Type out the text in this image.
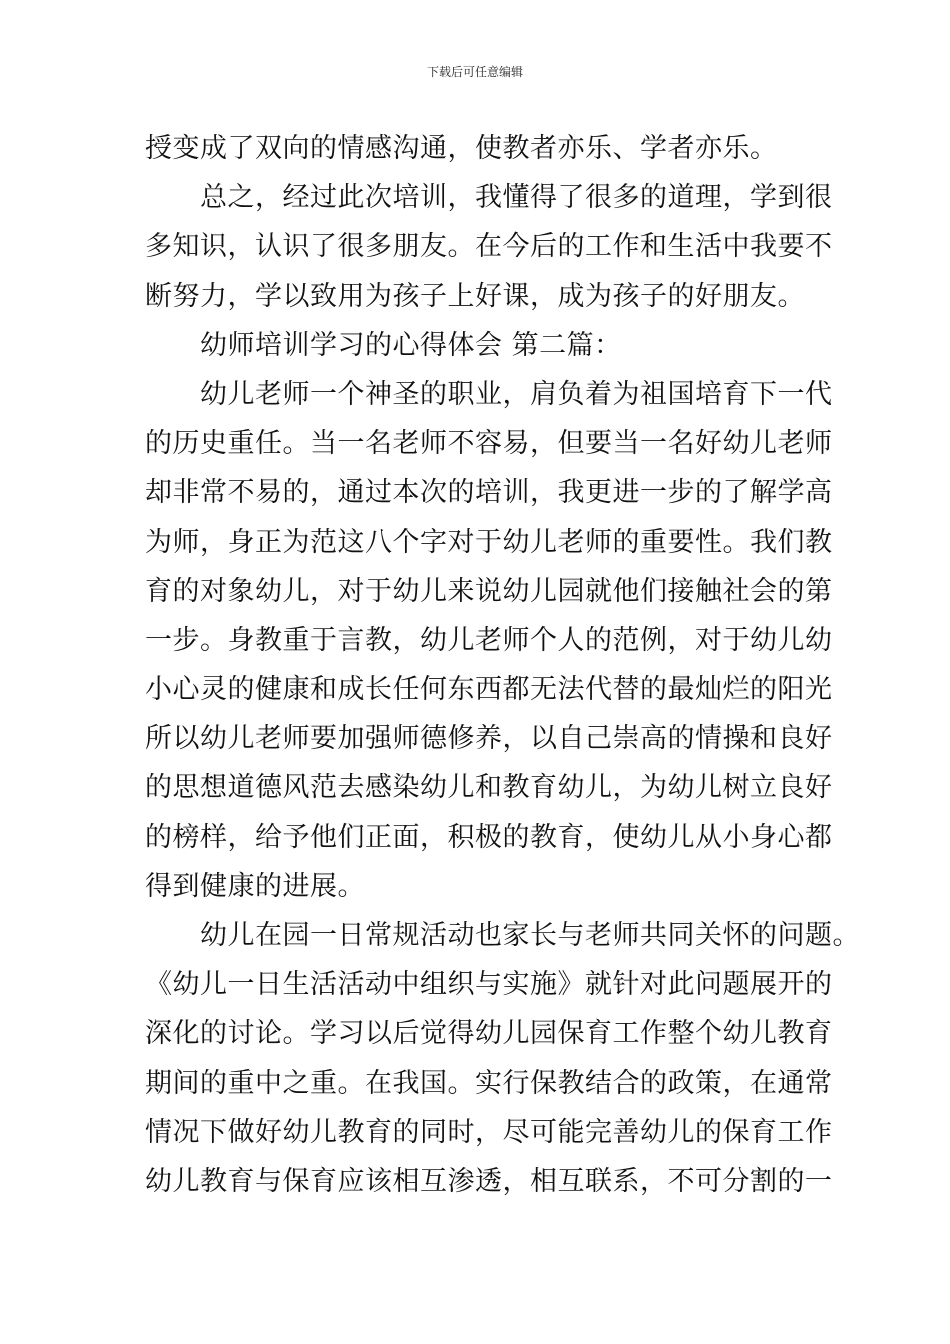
下载后可任意编辑
授变成了双向的情感沟通，使教者亦乐、学者亦乐。
总之，经过此次培训，我懂得了很多的道理，学到很
多知识，认识了很多朋友。在今后的工作和生活中我要不
断努力，学以致用为孩子上好课，成为孩子的好朋友。
幼师培训学习的心得体会 第二篇：
幼儿老师一个神圣的职业，肩负着为祖国培育下一代
的历史重任。当一名老师不容易，但要当一名好幼儿老师
却非常不易的，通过本次的培训，我更进一步的了解学高
为师，身正为范这八个字对于幼儿老师的重要性。我们教
育的对象幼儿，对于幼儿来说幼儿园就他们接触社会的第
一步。身教重于言教，幼儿老师个人的范例，对于幼儿幼
小心灵的健康和成长任何东西都无法代替的最灿烂的阳光
所以幼儿老师要加强师德修养，以自己崇高的情操和良好
的思想道德风范去感染幼儿和教育幼儿，为幼儿树立良好
的榜样，给予他们正面，积极的教育，使幼儿从小身心都
得到健康的进展。
幼儿在园一日常规活动也家长与老师共同关怀的问题。
《幼儿一日生活活动中组织与实施》就针对此问题展开的
深化的讨论。学习以后觉得幼儿园保育工作整个幼儿教育
期间的重中之重。在我国。实行保教结合的政策，在通常
情况下做好幼儿教育的同时，尽可能完善幼儿的保育工作
幼儿教育与保育应该相互渗透，相互联系，不可分割的一
